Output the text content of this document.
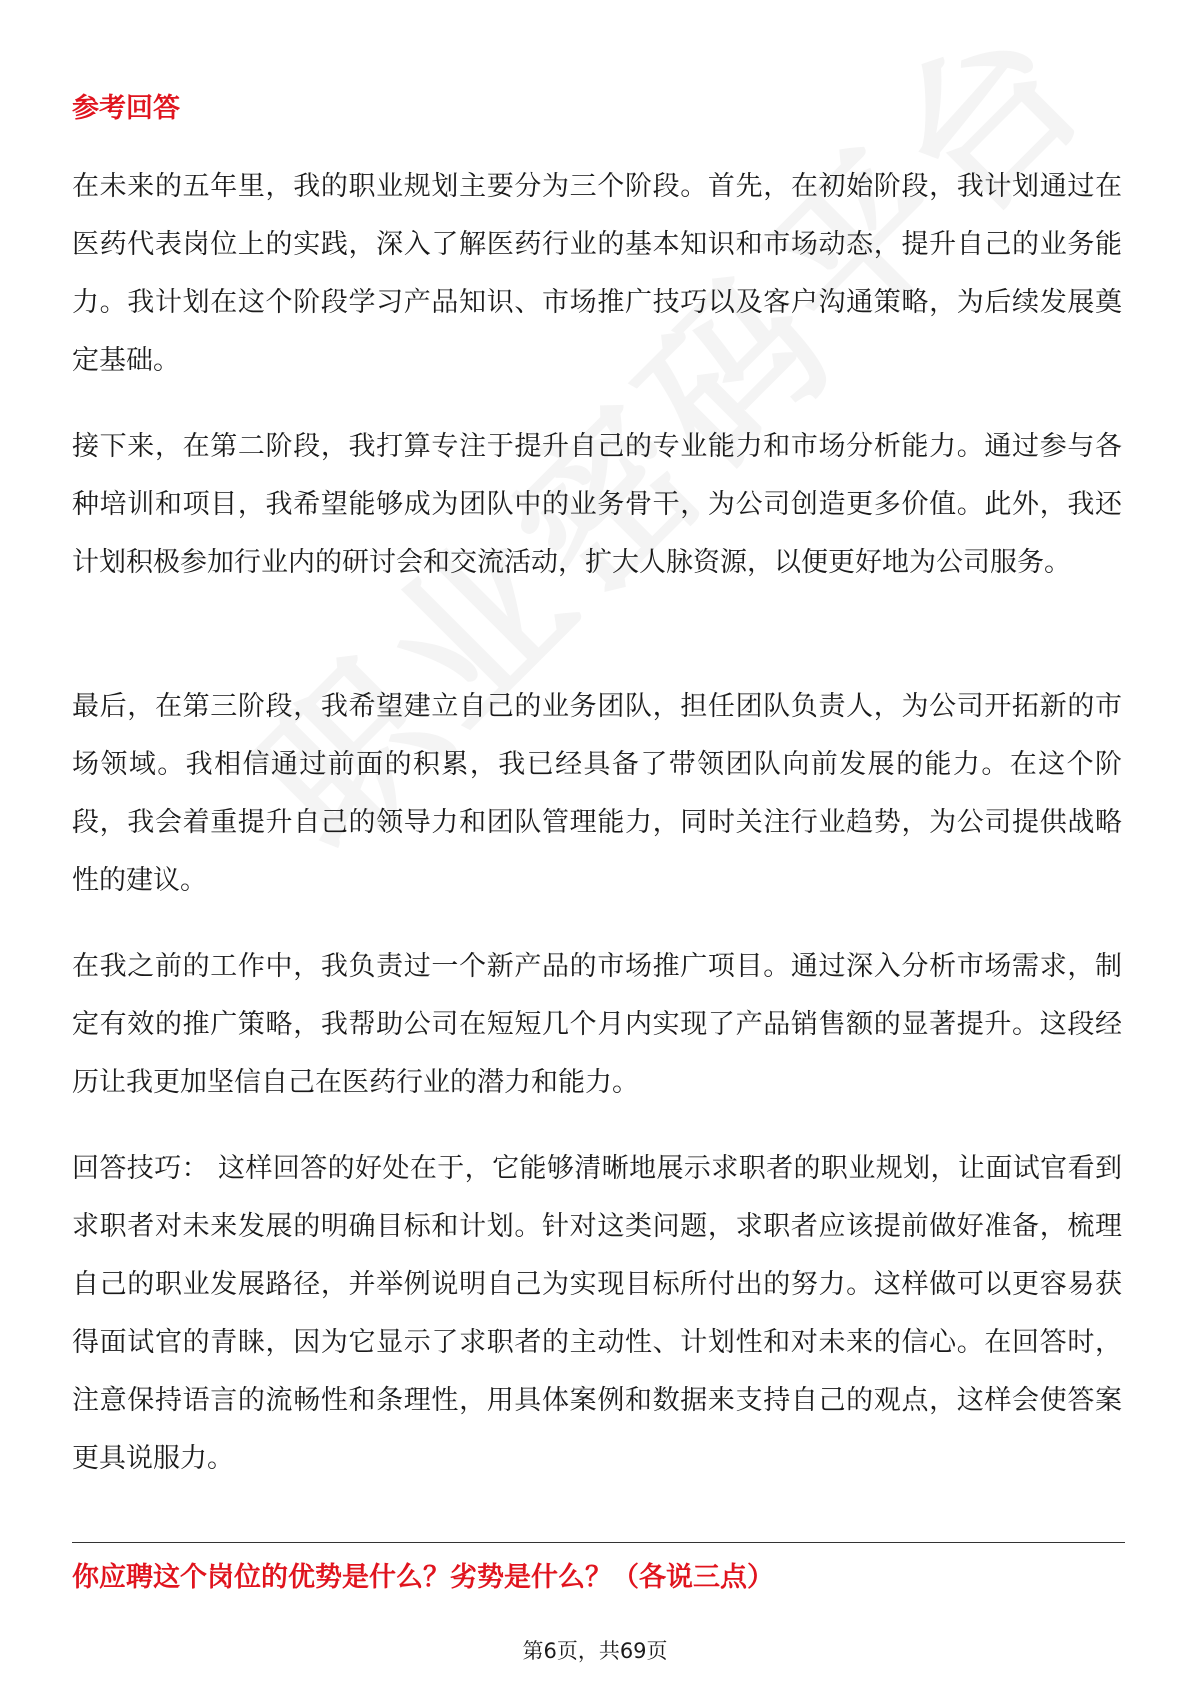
参考回答

在未来的五年里，我的职业规划主要分为三个阶段。首先，在初始阶段，我计划通过在医药代表岗位上的实践，深入了解医药行业的基本知识和市场动态，提升自己的业务能力。我计划在这个阶段学习产品知识、市场推广技巧以及客户沟通策略，为后续发展奠定基础。

接下来，在第二阶段，我打算专注于提升自己的专业能力和市场分析能力。通过参与各种培训和项目，我希望能够成为团队中的业务骨干，为公司创造更多价值。此外，我还计划积极参加行业内的研讨会和交流活动，扩大人脉资源，以便更好地为公司服务。

最后，在第三阶段，我希望建立自己的业务团队，担任团队负责人，为公司开拓新的市场领域。我相信通过前面的积累，我已经具备了带领团队向前发展的能力。在这个阶段，我会着重提升自己的领导力和团队管理能力，同时关注行业趋势，为公司提供战略性的建议。

在我之前的工作中，我负责过一个新产品的市场推广项目。通过深入分析市场需求，制定有效的推广策略，我帮助公司在短短几个月内实现了产品销售额的显著提升。这段经历让我更加坚信自己在医药行业的潜力和能力。

回答技巧： 这样回答的好处在于，它能够清晰地展示求职者的职业规划，让面试官看到求职者对未来发展的明确目标和计划。针对这类问题，求职者应该提前做好准备，梳理自己的职业发展路径，并举例说明自己为实现目标所付出的努力。这样做可以更容易获得面试官的青睐，因为它显示了求职者的主动性、计划性和对未来的信心。在回答时，注意保持语言的流畅性和条理性，用具体案例和数据来支持自己的观点，这样会使答案更具说服力。

你应聘这个岗位的优势是什么？劣势是什么？（各说三点）
第6页，共69页
